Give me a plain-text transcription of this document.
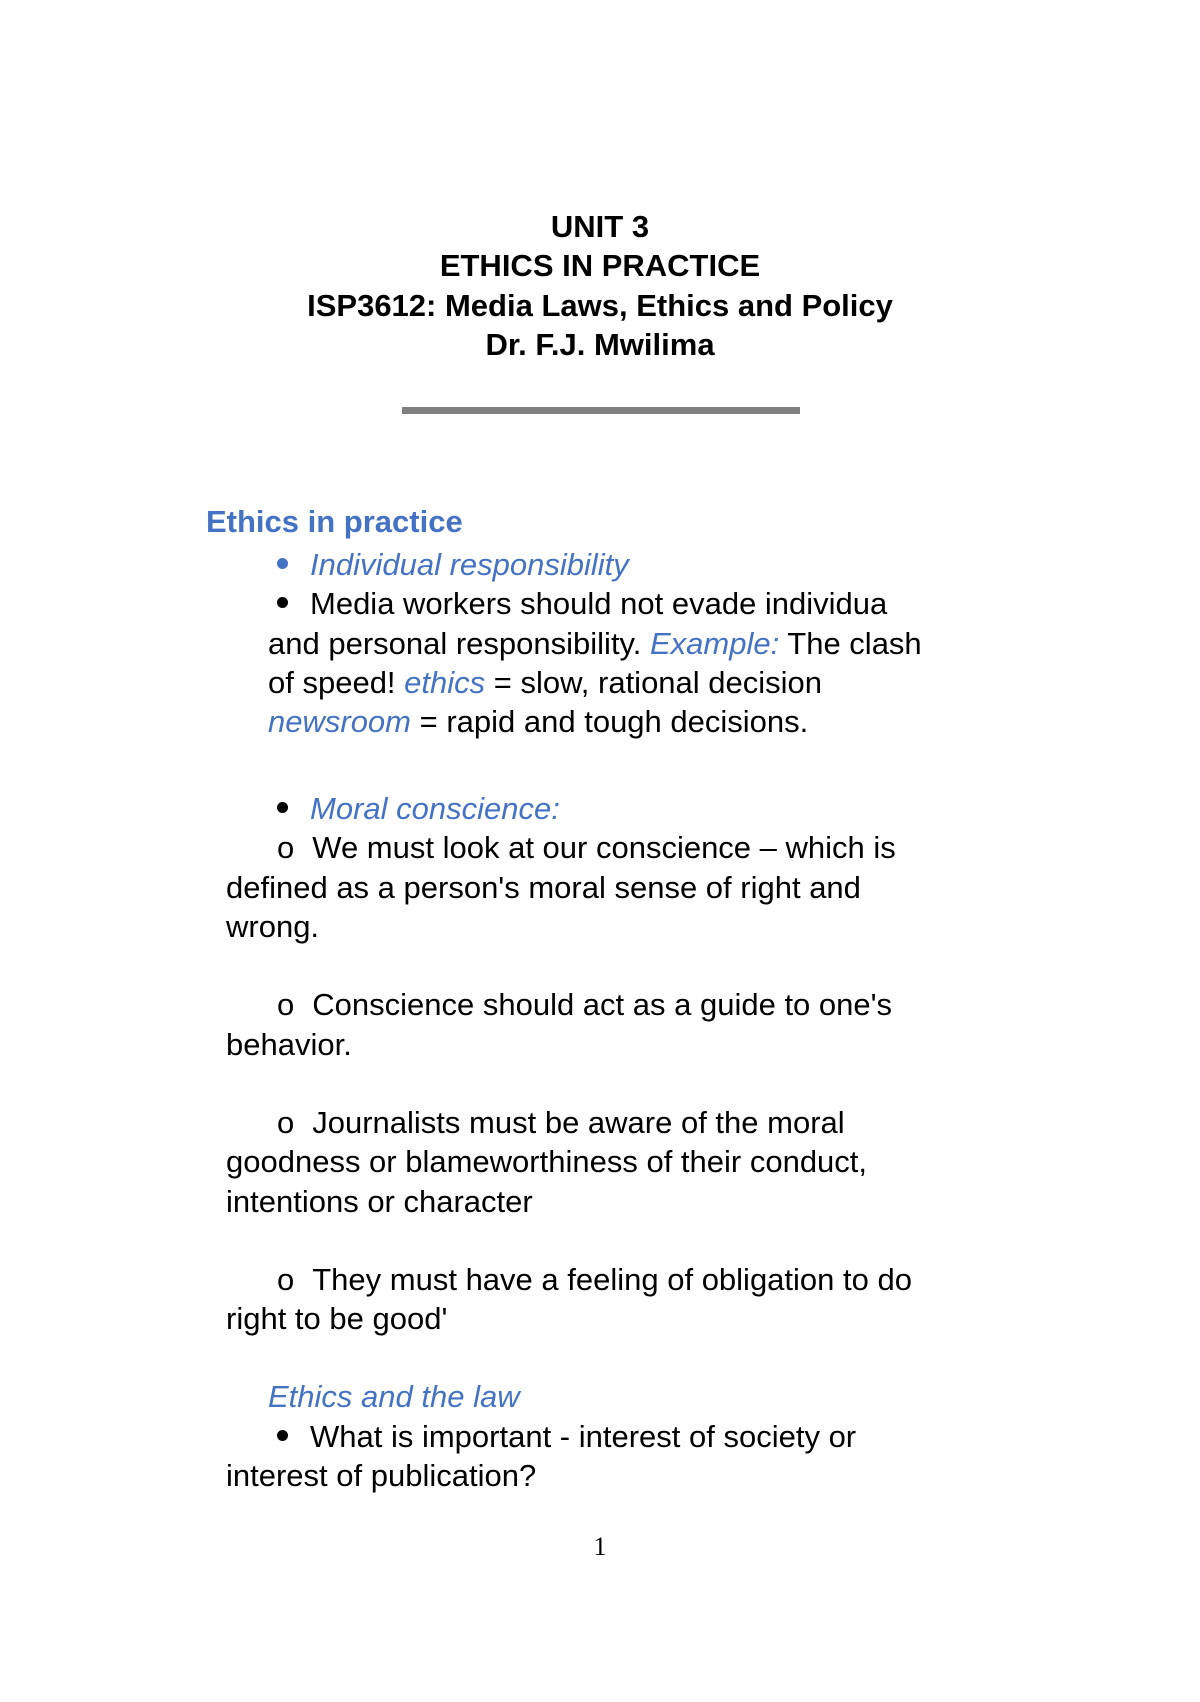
UNIT 3
ETHICS IN PRACTICE
ISP3612: Media Laws, Ethics and Policy
Dr. F.J. Mwilima
Ethics in practice
Individual responsibility
Media workers should not evade individua
and personal responsibility. Example: The clash
of speed! ethics = slow, rational decision
newsroom = rapid and tough decisions.
Moral conscience:
o We must look at our conscience – which is
defined as a person's moral sense of right and
wrong.
o Conscience should act as a guide to one's
behavior.
o Journalists must be aware of the moral
goodness or blameworthiness of their conduct,
intentions or character
o They must have a feeling of obligation to do
right to be good'
Ethics and the law
What is important - interest of society or
interest of publication?
1
